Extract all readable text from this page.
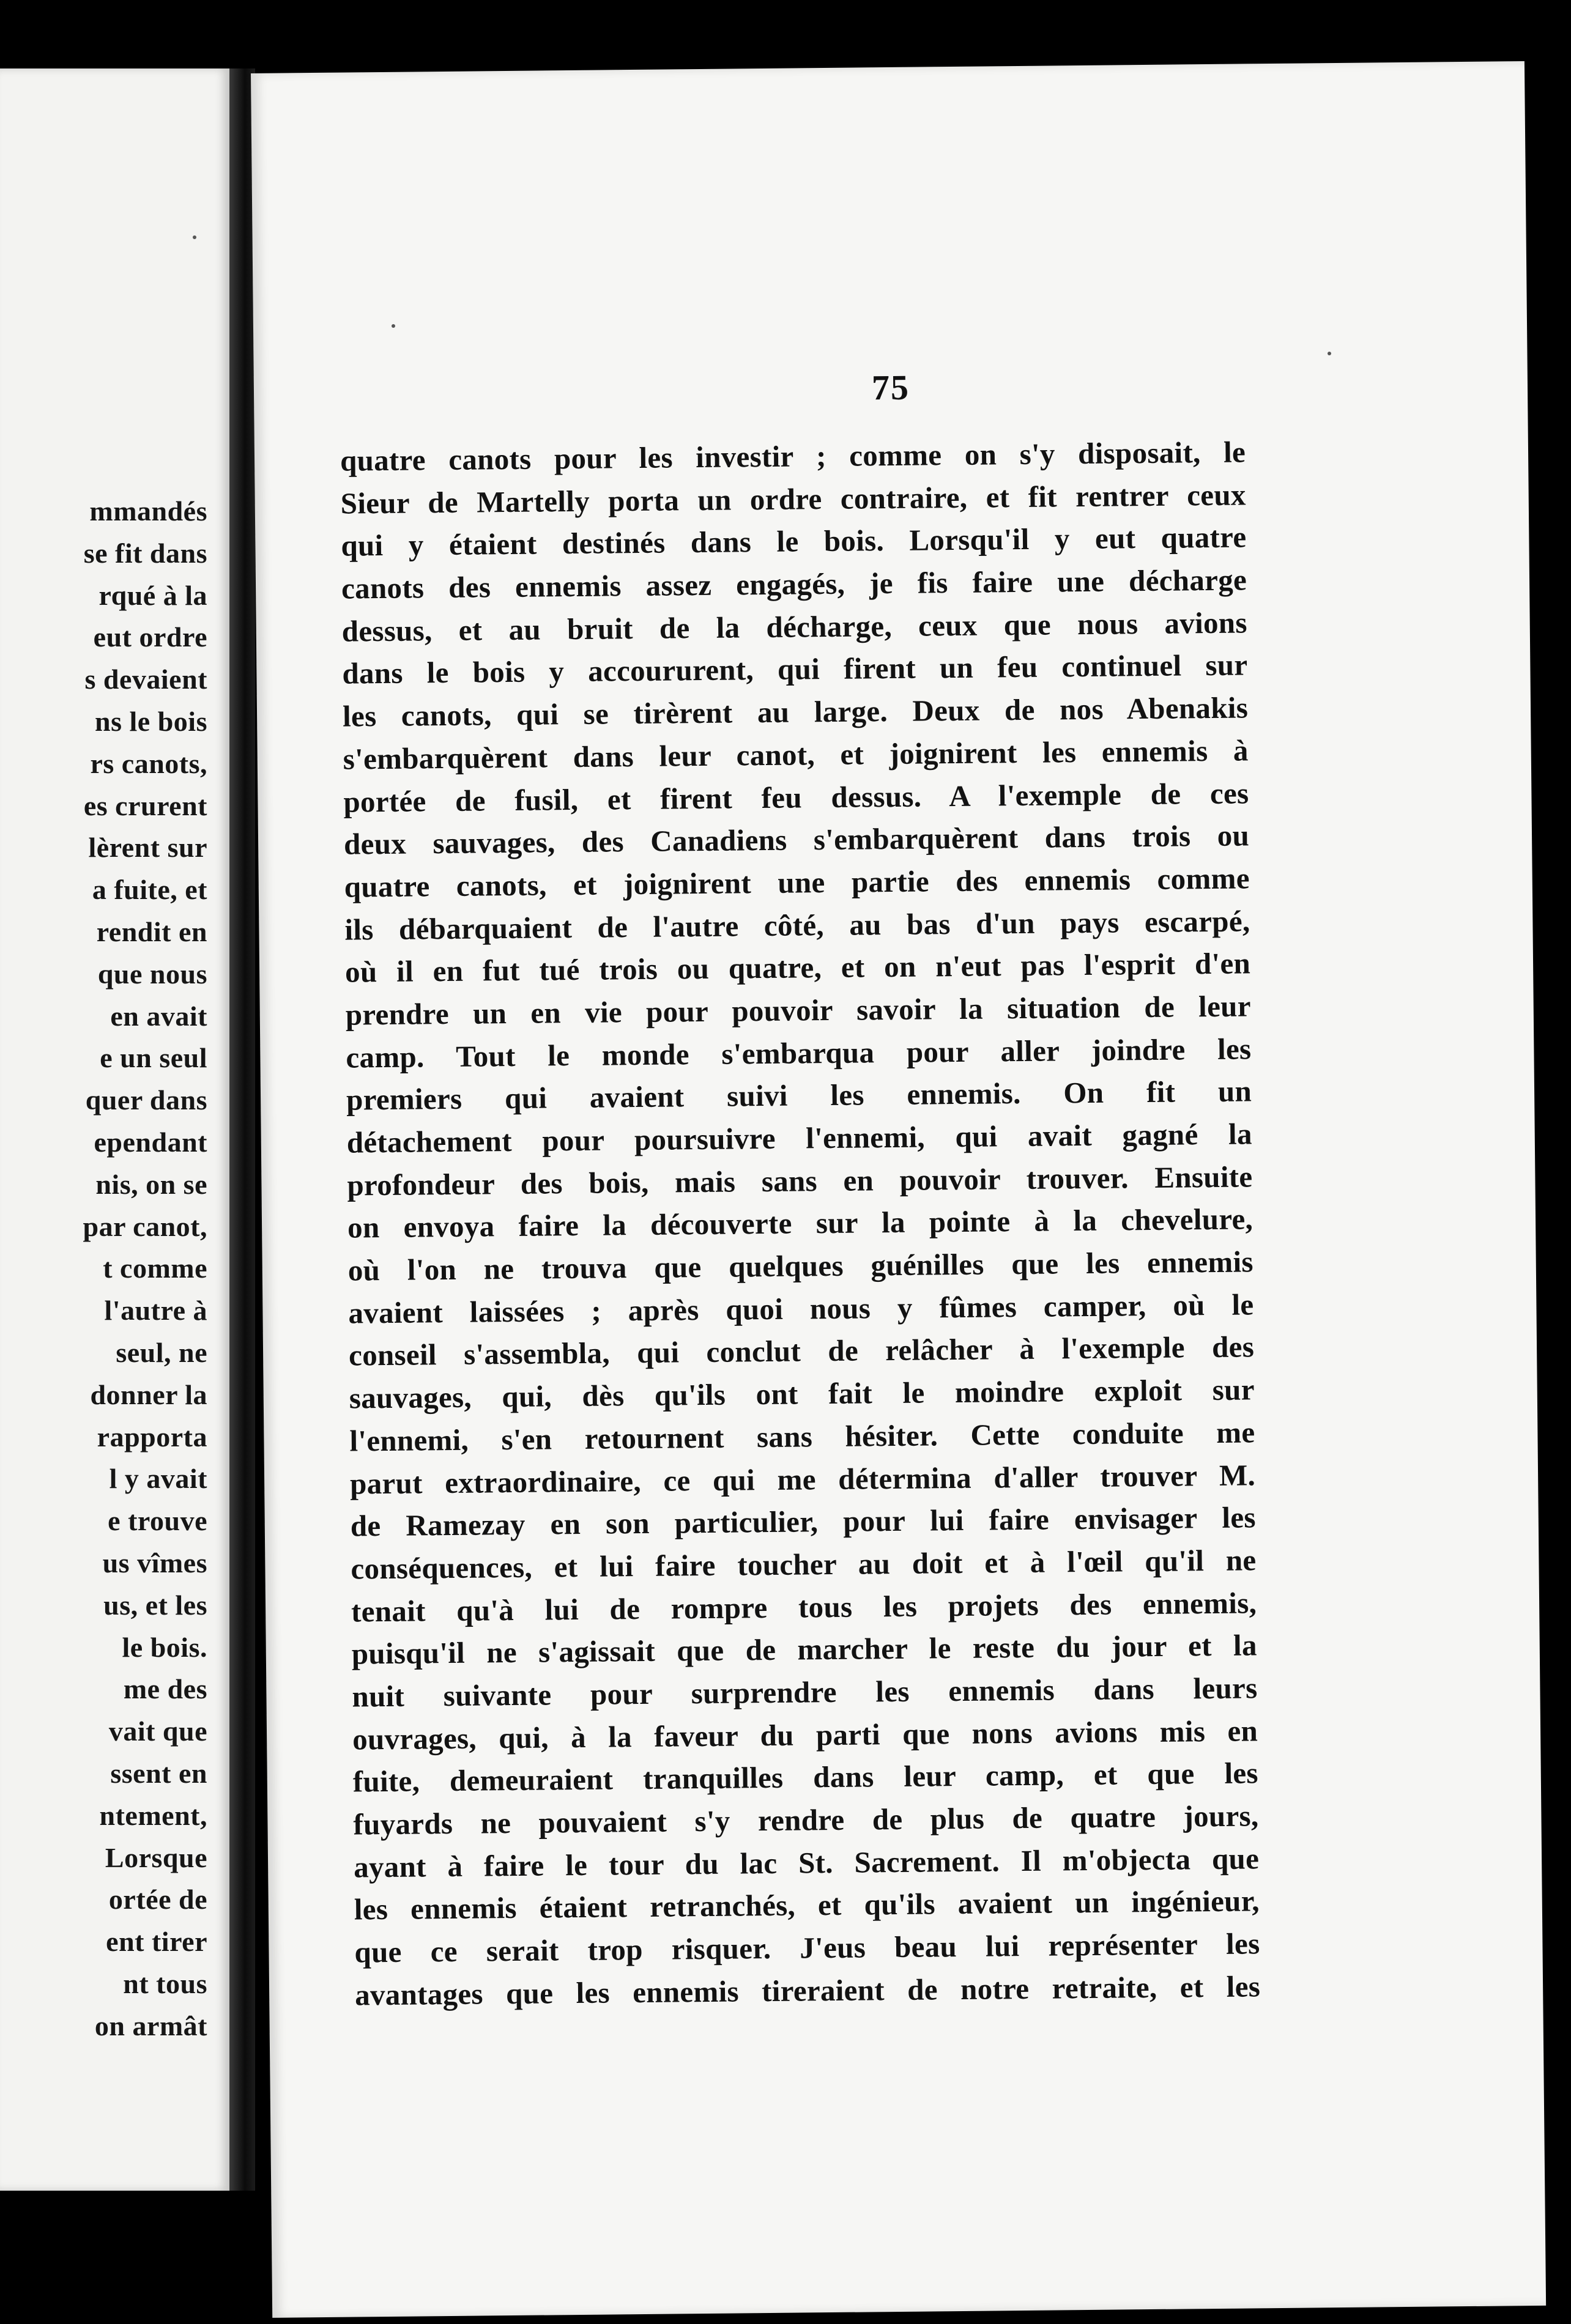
mmandés
se fit dans
rqué à la
eut ordre
s devaient
ns le bois
rs canots,
es crurent
lèrent sur
a fuite, et
rendit en
que nous
en avait
e un seul
quer dans
ependant
nis, on se
par canot,
t comme
l'autre à
seul, ne
donner la
rapporta
l y avait
e trouve
us vîmes
us, et les
le bois.
me des
vait que
ssent en
ntement,
Lorsque
ortée de
ent tirer
nt tous
on armât
75
quatre canots pour les investir ; comme on s'y disposait, le
Sieur de Martelly porta un ordre contraire, et fit rentrer ceux
qui y étaient destinés dans le bois. Lorsqu'il y eut quatre
canots des ennemis assez engagés, je fis faire une décharge
dessus, et au bruit de la décharge, ceux que nous avions
dans le bois y accoururent, qui firent un feu continuel sur
les canots, qui se tirèrent au large. Deux de nos Abenakis
s'embarquèrent dans leur canot, et joignirent les ennemis à
portée de fusil, et firent feu dessus. A l'exemple de ces
deux sauvages, des Canadiens s'embarquèrent dans trois ou
quatre canots, et joignirent une partie des ennemis comme
ils débarquaient de l'autre côté, au bas d'un pays escarpé,
où il en fut tué trois ou quatre, et on n'eut pas l'esprit d'en
prendre un en vie pour pouvoir savoir la situation de leur
camp. Tout le monde s'embarqua pour aller joindre les
premiers qui avaient suivi les ennemis. On fit un
détachement pour poursuivre l'ennemi, qui avait gagné la
profondeur des bois, mais sans en pouvoir trouver. Ensuite
on envoya faire la découverte sur la pointe à la chevelure,
où l'on ne trouva que quelques guénilles que les ennemis
avaient laissées ; après quoi nous y fûmes camper, où le
conseil s'assembla, qui conclut de relâcher à l'exemple des
sauvages, qui, dès qu'ils ont fait le moindre exploit sur
l'ennemi, s'en retournent sans hésiter. Cette conduite me
parut extraordinaire, ce qui me détermina d'aller trouver M.
de Ramezay en son particulier, pour lui faire envisager les
conséquences, et lui faire toucher au doit et à l'œil qu'il ne
tenait qu'à lui de rompre tous les projets des ennemis,
puisqu'il ne s'agissait que de marcher le reste du jour et la
nuit suivante pour surprendre les ennemis dans leurs
ouvrages, qui, à la faveur du parti que nons avions mis en
fuite, demeuraient tranquilles dans leur camp, et que les
fuyards ne pouvaient s'y rendre de plus de quatre jours,
ayant à faire le tour du lac St. Sacrement. Il m'objecta que
les ennemis étaient retranchés, et qu'ils avaient un ingénieur,
que ce serait trop risquer. J'eus beau lui représenter les
avantages que les ennemis tireraient de notre retraite, et les
